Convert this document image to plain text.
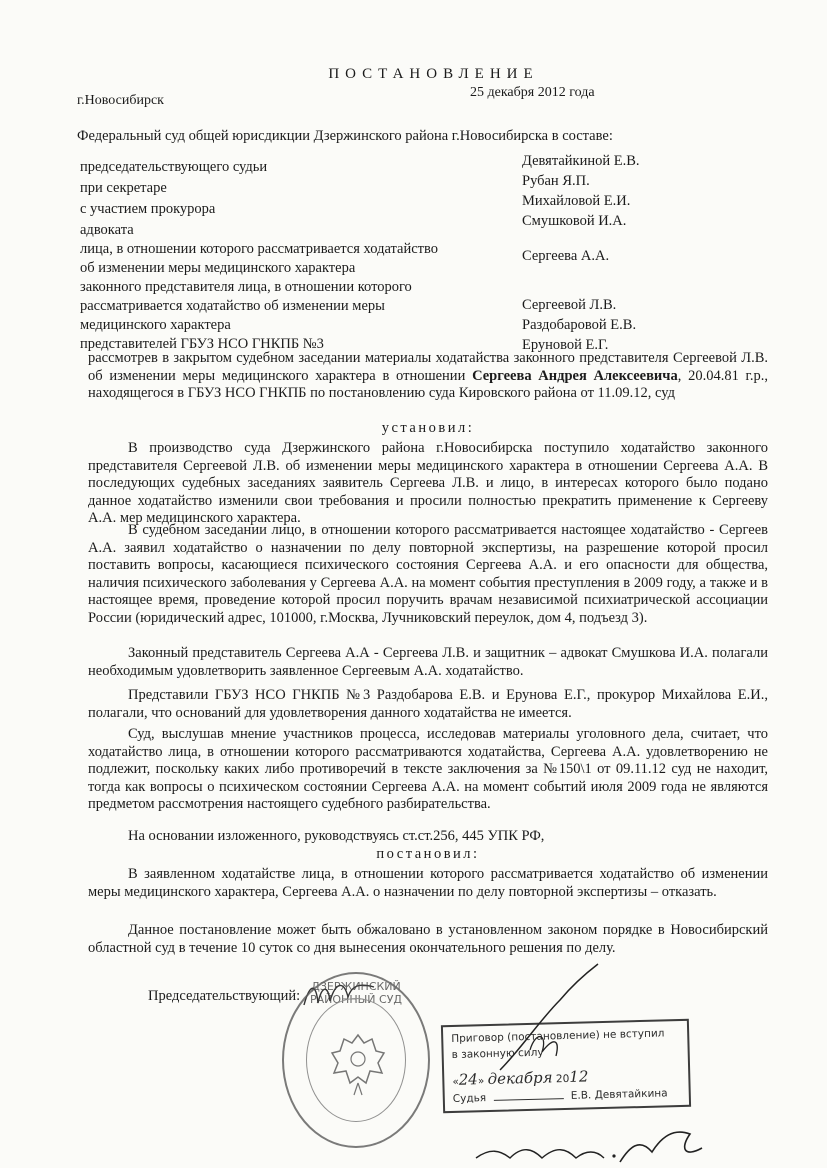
ПОСТАНОВЛЕНИЕ
25 декабря 2012 года
г.Новосибирск
Федеральный суд общей юрисдикции Дзержинского района г.Новосибирска в составе:
председательствующего судьи
при секретаре
с участием прокурора
адвоката
лица, в отношении которого рассматривается ходатайство
об изменении меры медицинского характера
законного представителя лица, в отношении которого
рассматривается ходатайство об изменении меры
медицинского характера
представителей ГБУЗ НСО ГНКПБ №3
Девятайкиной Е.В.
Рубан Я.П.
Михайловой Е.И.
Смушковой И.А.
Сергеева А.А.
Сергеевой Л.В.
Раздобаровой Е.В.
Еруновой Е.Г.
рассмотрев в закрытом судебном заседании материалы ходатайства законного представителя Сергеевой Л.В. об изменении меры медицинского характера в отношении Сергеева Андрея Алексеевича, 20.04.81 г.р., находящегося в ГБУЗ НСО ГНКПБ по постановлению суда Кировского района от 11.09.12, суд
установил:
В производство суда Дзержинского района г.Новосибирска поступило ходатайство законного представителя Сергеевой Л.В. об изменении меры медицинского характера в отношении Сергеева А.А. В последующих судебных заседаниях заявитель Сергеева Л.В. и лицо, в интересах которого было подано данное ходатайство изменили свои требования и просили полностью прекратить применение к Сергееву А.А. мер медицинского характера.
В судебном заседании лицо, в отношении которого рассматривается настоящее ходатайство - Сергеев А.А. заявил ходатайство о назначении по делу повторной экспертизы, на разрешение которой просил поставить вопросы, касающиеся психического состояния Сергеева А.А. и его опасности для общества, наличия психического заболевания у Сергеева А.А. на момент события преступления в 2009 году, а также и в настоящее время, проведение которой просил поручить врачам независимой психиатрической ассоциации России (юридический адрес, 101000, г.Москва, Лучниковский переулок, дом 4, подъезд 3).
Законный представитель Сергеева А.А - Сергеева Л.В. и защитник – адвокат Смушкова И.А. полагали необходимым удовлетворить заявленное Сергеевым А.А. ходатайство.
Представили ГБУЗ НСО ГНКПБ №3 Раздобарова Е.В. и Ерунова Е.Г., прокурор Михайлова Е.И., полагали, что оснований для удовлетворения данного ходатайства не имеется.
Суд, выслушав мнение участников процесса, исследовав материалы уголовного дела, считает, что ходатайство лица, в отношении которого рассматриваются ходатайства, Сергеева А.А. удовлетворению не подлежит, поскольку каких либо противоречий в тексте заключения за №150\1 от 09.11.12 суд не находит, тогда как вопросы о психическом состоянии Сергеева А.А. на момент событий июля 2009 года не являются предметом рассмотрения настоящего судебного разбирательства.
На основании изложенного, руководствуясь ст.ст.256, 445 УПК РФ,
постановил:
В заявленном ходатайстве лица, в отношении которого рассматривается ходатайство об изменении меры медицинского характера, Сергеева А.А. о назначении по делу повторной экспертизы – отказать.
Данное постановление может быть обжаловано в установленном законом порядке в Новосибирский областной суд в течение 10 суток со дня вынесения окончательного решения по делу.
Председательствующий:
ДЗЕРЖИНСКИЙ РАЙОННЫЙ СУД
Приговор (постановление) не вступил
в законную силу
«24» декабря 2012
Судья	Е.В. Девятайкина
